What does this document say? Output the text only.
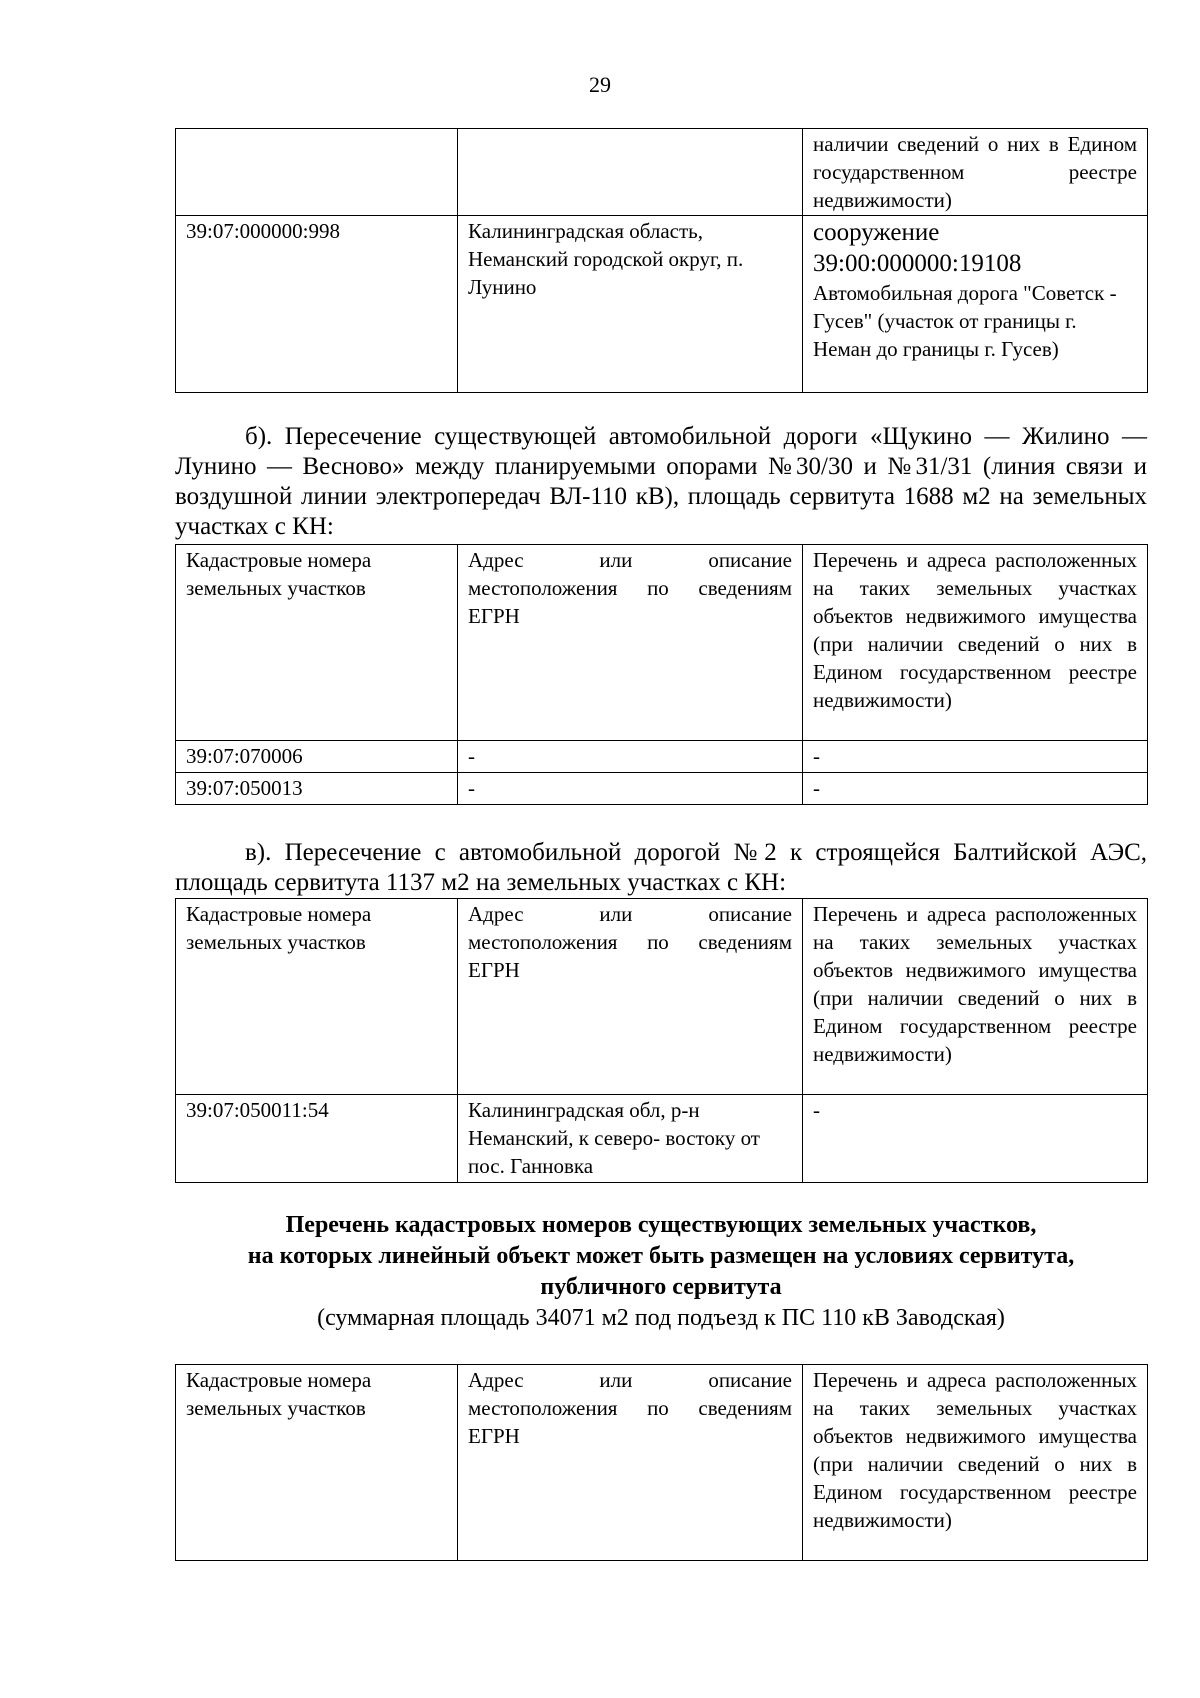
29
		наличии сведений о них в Едином государственном реестре недвижимости)
39:07:000000:998	Калининградская область, Неманский городской округ, п. Лунино	сооружение
39:00:000000:19108
Автомобильная дорога "Советск - Гусев" (участок от границы г. Неман до границы г. Гусев)
б). Пересечение существующей автомобильной дороги «Щукино — Жилино — Лунино — Весново» между планируемыми опорами №30/30 и №31/31 (линия связи и воздушной линии электропередач ВЛ-110 кВ), площадь сервитута 1688 м2 на земельных участках с КН:
Кадастровые номера земельных участков	Адрес или описание местоположения по сведениям ЕГРН	Перечень и адреса расположенных на таких земельных участках объектов недвижимого имущества (при наличии сведений о них в Едином государственном реестре недвижимости)
39:07:070006	-	-
39:07:050013	-	-
в). Пересечение с автомобильной дорогой №2 к строящейся Балтийской АЭС, площадь сервитута 1137 м2 на земельных участках с КН:
Кадастровые номера земельных участков	Адрес или описание местоположения по сведениям ЕГРН	Перечень и адреса расположенных на таких земельных участках объектов недвижимого имущества (при наличии сведений о них в Едином государственном реестре недвижимости)
39:07:050011:54	Калининградская обл, р-н Неманский, к северо- востоку от пос. Ганновка	-
Перечень кадастровых номеров существующих земельных участков,
на которых линейный объект может быть размещен на условиях сервитута,
публичного сервитута
(суммарная площадь 34071 м2 под подъезд к ПС 110 кВ Заводская)
Кадастровые номера земельных участков	Адрес или описание местоположения по сведениям ЕГРН	Перечень и адреса расположенных на таких земельных участках объектов недвижимого имущества (при наличии сведений о них в Едином государственном реестре недвижимости)
